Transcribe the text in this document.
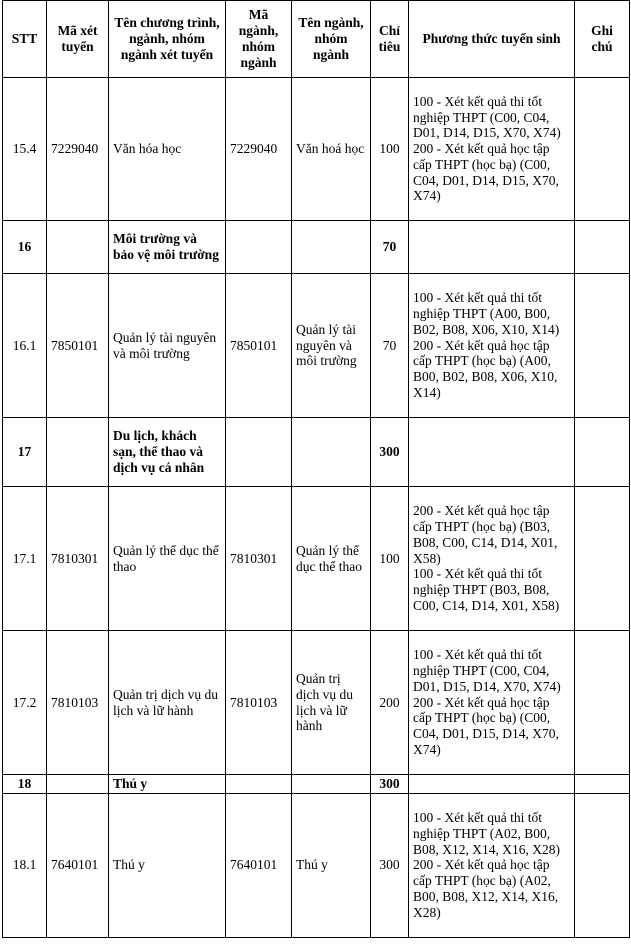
STT	Mã xét tuyển	Tên chương trình, ngành, nhóm ngành xét tuyển	Mã ngành, nhóm ngành	Tên ngành, nhóm ngành	Chỉ tiêu	Phương thức tuyển sinh	Ghi chú
15.4	7229040	Văn hóa học	7229040	Văn hoá học	100	100 - Xét kết quả thi tốt nghiệp THPT (C00, C04, D01, D14, D15, X70, X74)
200 - Xét kết quả học tập cấp THPT (học bạ) (C00, C04, D01, D14, D15, X70, X74)	
16		Môi trường và bảo vệ môi trường			70		
16.1	7850101	Quản lý tài nguyên và môi trường	7850101	Quản lý tài nguyên và môi trường	70	100 - Xét kết quả thi tốt nghiệp THPT (A00, B00, B02, B08, X06, X10, X14)
200 - Xét kết quả học tập cấp THPT (học bạ) (A00, B00, B02, B08, X06, X10, X14)	
17		Du lịch, khách sạn, thể thao và dịch vụ cá nhân			300		
17.1	7810301	Quản lý thể dục thể thao	7810301	Quản lý thể dục thể thao	100	200 - Xét kết quả học tập cấp THPT (học bạ) (B03, B08, C00, C14, D14, X01, X58)
100 - Xét kết quả thi tốt nghiệp THPT (B03, B08, C00, C14, D14, X01, X58)	
17.2	7810103	Quản trị dịch vụ du lịch và lữ hành	7810103	Quản trị dịch vụ du lịch và lữ hành	200	100 - Xét kết quả thi tốt nghiệp THPT (C00, C04, D01, D15, D14, X70, X74)
200 - Xét kết quả học tập cấp THPT (học bạ) (C00, C04, D01, D15, D14, X70, X74)	
18		Thú y			300		
18.1	7640101	Thú y	7640101	Thú y	300	100 - Xét kết quả thi tốt nghiệp THPT (A02, B00, B08, X12, X14, X16, X28)
200 - Xét kết quả học tập cấp THPT (học bạ) (A02, B00, B08, X12, X14, X16, X28)	
